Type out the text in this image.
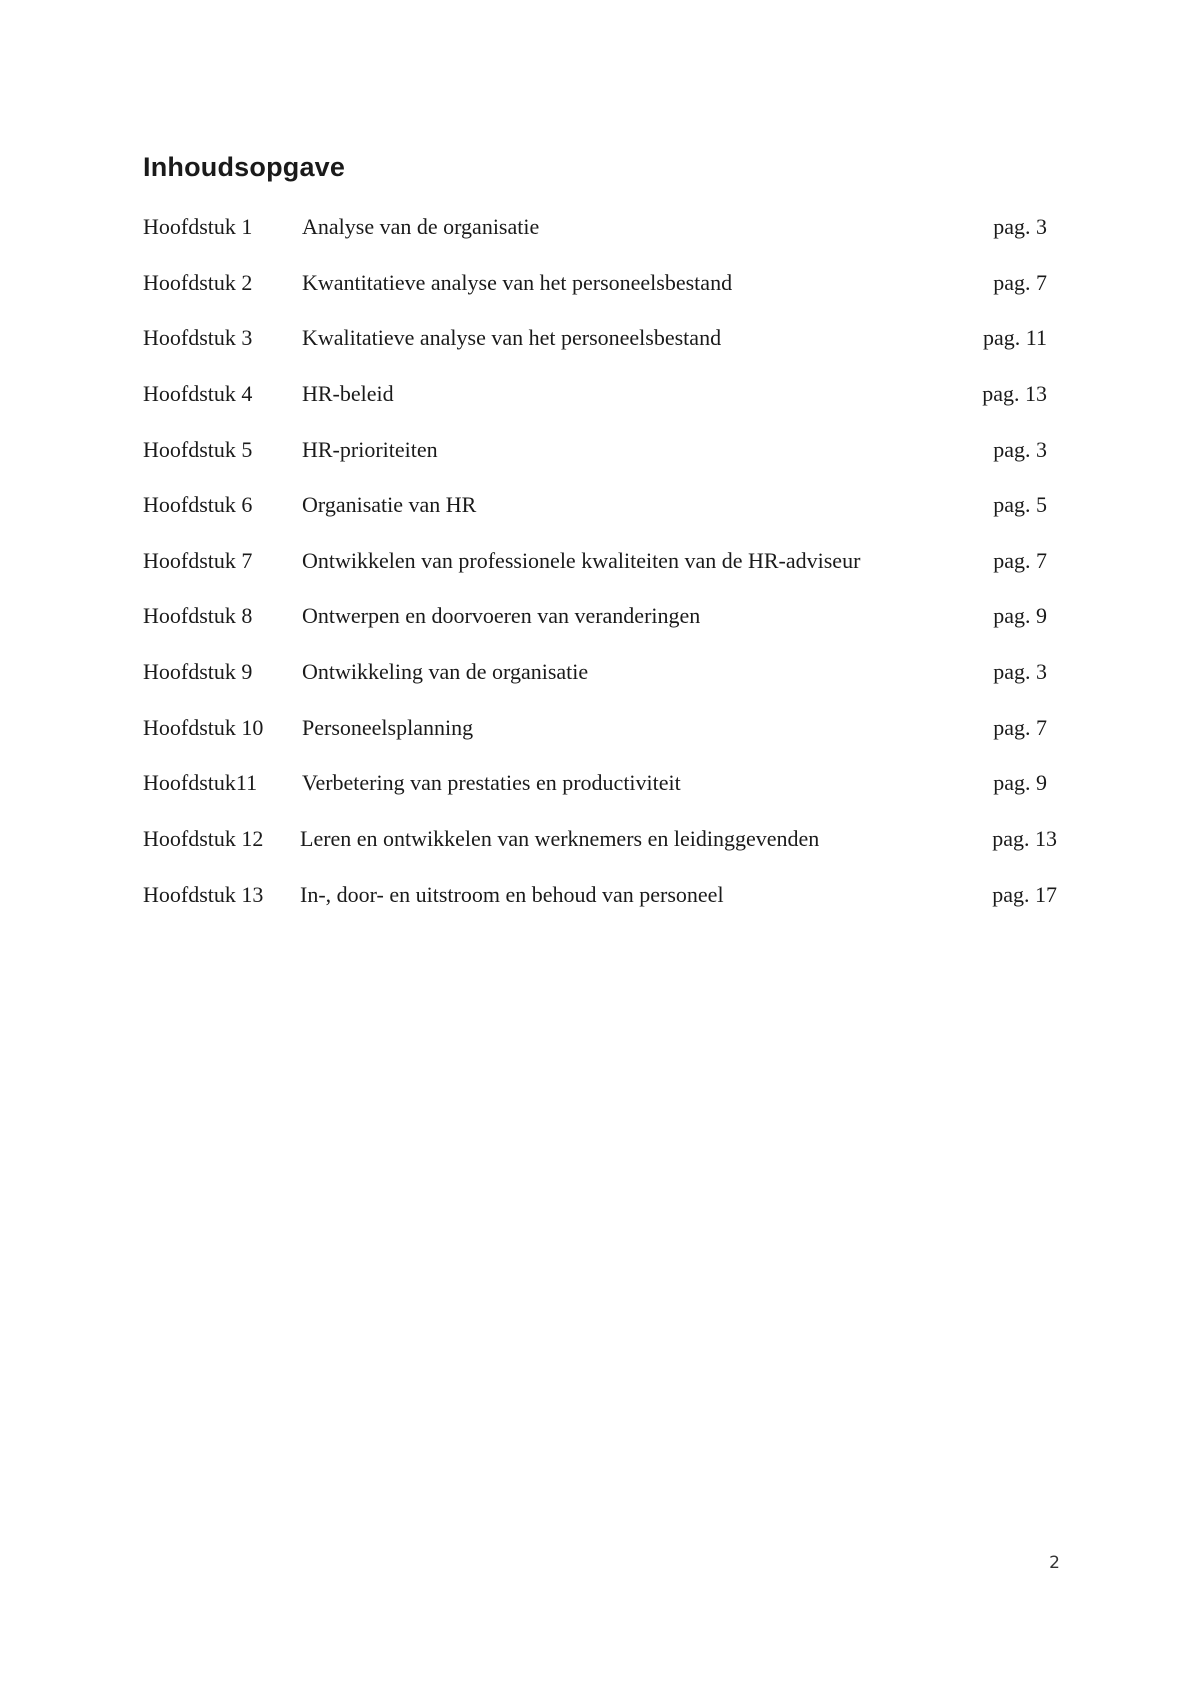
Inhoudsopgave
Hoofdstuk 1 Analyse van de organisatie	pag. 3
Hoofdstuk 2 Kwantitatieve analyse van het personeelsbestand	pag. 7
Hoofdstuk 3 Kwalitatieve analyse van het personeelsbestand	pag. 11
Hoofdstuk 4 HR-beleid	pag. 13
Hoofdstuk 5 HR-prioriteiten	pag. 3
Hoofdstuk 6 Organisatie van HR	pag. 5
Hoofdstuk 7 Ontwikkelen van professionele kwaliteiten van de HR-adviseur	pag. 7
Hoofdstuk 8 Ontwerpen en doorvoeren van veranderingen	pag. 9
Hoofdstuk 9 Ontwikkeling van de organisatie	pag. 3
Hoofdstuk 10 Personeelsplanning	pag. 7
Hoofdstuk11 Verbetering van prestaties en productiviteit	pag. 9
Hoofdstuk 12 Leren en ontwikkelen van werknemers en leidinggevenden	pag. 13
Hoofdstuk 13 In-, door- en uitstroom en behoud van personeel	pag. 17
2
